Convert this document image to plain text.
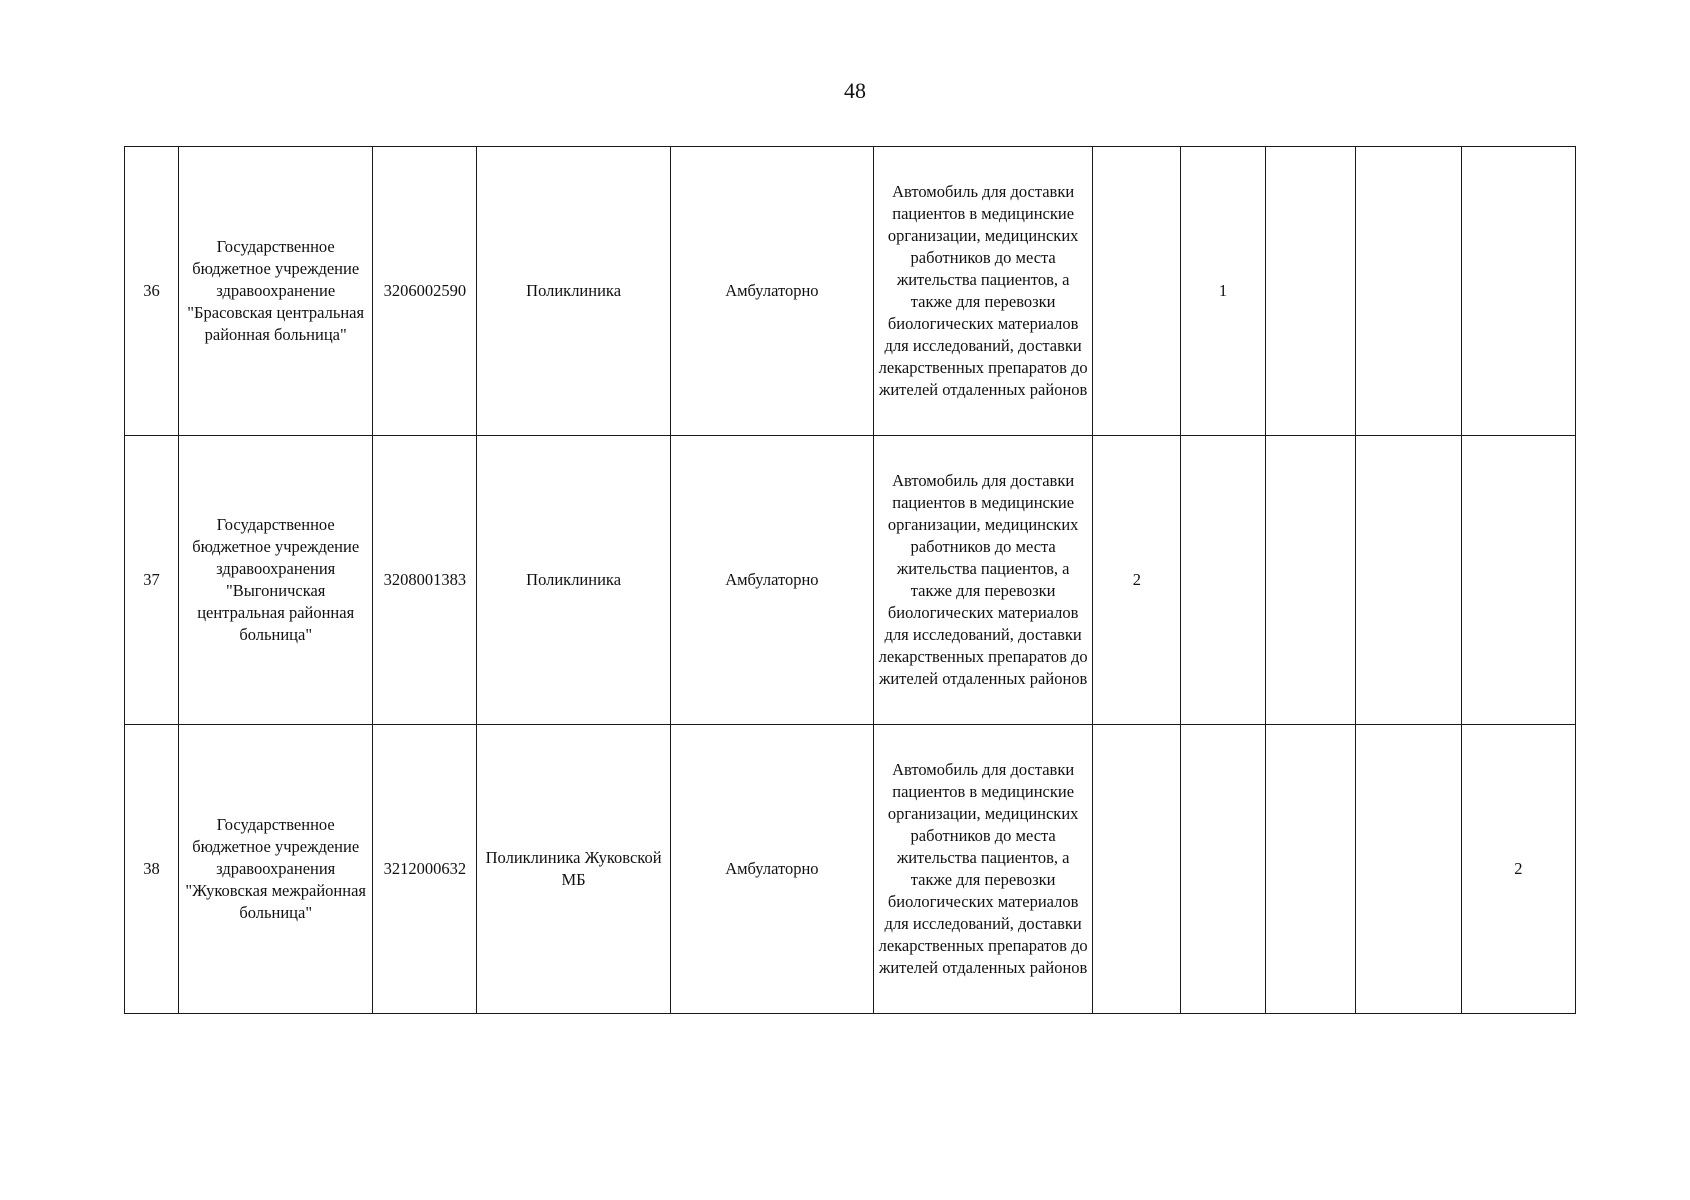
48
36	Государственное бюджетное учреждение здравоохранение "Брасовская центральная районная больница"	3206002590	Поликлиника	Амбулаторно	Автомобиль для доставки пациентов в медицинские организации, медицинских работников до места жительства пациентов, а также для перевозки биологических материалов для исследований, доставки лекарственных препаратов до жителей отдаленных районов		1			
37	Государственное бюджетное учреждение здравоохранения "Выгоничская центральная районная больница"	3208001383	Поликлиника	Амбулаторно	Автомобиль для доставки пациентов в медицинские организации, медицинских работников до места жительства пациентов, а также для перевозки биологических материалов для исследований, доставки лекарственных препаратов до жителей отдаленных районов	2				
38	Государственное бюджетное учреждение здравоохранения "Жуковская межрайонная больница"	3212000632	Поликлиника Жуковской МБ	Амбулаторно	Автомобиль для доставки пациентов в медицинские организации, медицинских работников до места жительства пациентов, а также для перевозки биологических материалов для исследований, доставки лекарственных препаратов до жителей отдаленных районов					2
